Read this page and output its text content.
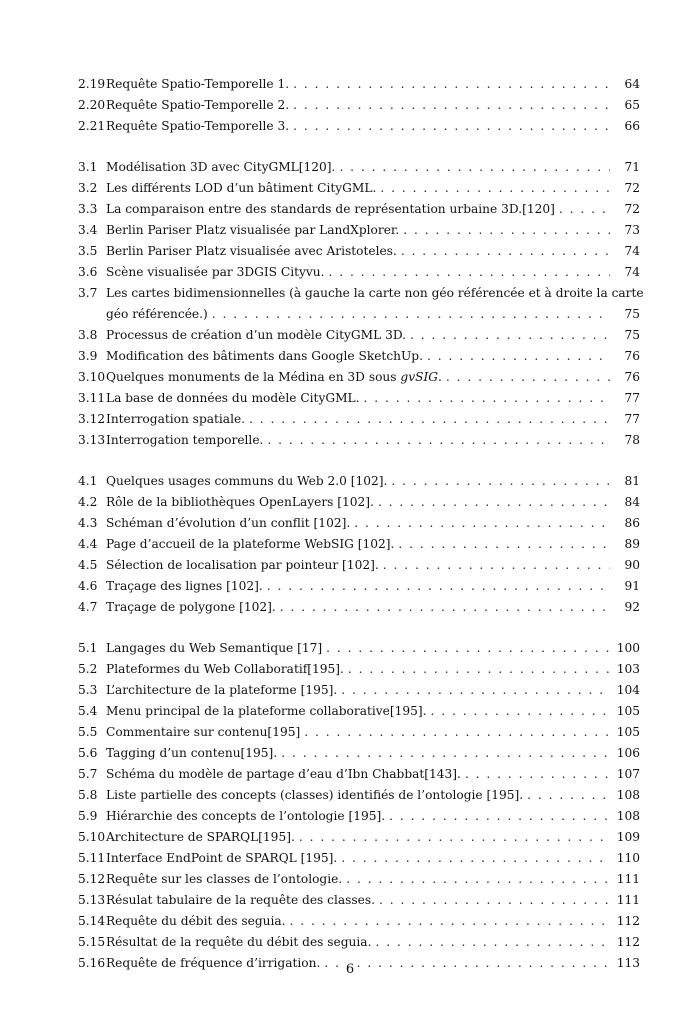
2.19 Requête Spatio-Temporelle 1. . . .	64
2.20 Requête Spatio-Temporelle 2. . . .	65
2.21 Requête Spatio-Temporelle 3. . . .	66
3.1 Modélisation 3D avec CityGML[120]. . . .	71
3.2 Les différents LOD d’un bâtiment CityGML. . . .	72
3.3 La comparaison entre des standards de représentation urbaine 3D.[120] . . .	72
3.4 Berlin Pariser Platz visualisée par LandXplorer. . . .	73
3.5 Berlin Pariser Platz visualisée avec Aristoteles. . . .	74
3.6 Scène visualisée par 3DGIS Cityvu. . . .	74
3.7 Les cartes bidimensionnelles (à gauche la carte non géo référencée et à droite la carte
géo référencée.) . . .	75
3.8 Processus de création d’un modèle CityGML 3D. . . .	75
3.9 Modification des bâtiments dans Google SketchUp. . . .	76
3.10 Quelques monuments de la Médina en 3D sous gvSIG. . . .	76
3.11 La base de données du modèle CityGML. . . .	77
3.12 Interrogation spatiale. . . .	77
3.13 Interrogation temporelle. . . .	78
4.1 Quelques usages communs du Web 2.0 [102]. . . .	81
4.2 Rôle de la bibliothèques OpenLayers [102]. . . .	84
4.3 Schéman d’évolution d’un conflit [102]. . . .	86
4.4 Page d’accueil de la plateforme WebSIG [102]. . . .	89
4.5 Sélection de localisation par pointeur [102]. . . .	90
4.6 Traçage des lignes [102]. . . .	91
4.7 Traçage de polygone [102]. . . .	92
5.1 Langages du Web Semantique [17] . . .	100
5.2 Plateformes du Web Collaboratif[195]. . . .	103
5.3 L’architecture de la plateforme [195]. . . .	104
5.4 Menu principal de la plateforme collaborative[195]. . . .	105
5.5 Commentaire sur contenu[195] . . .	105
5.6 Tagging d’un contenu[195]. . . .	106
5.7 Schéma du modèle de partage d’eau d’Ibn Chabbat[143]. . . .	107
5.8 Liste partielle des concepts (classes) identifiés de l’ontologie [195]. . . .	108
5.9 Hiérarchie des concepts de l’ontologie [195]. . . .	108
5.10 Architecture de SPARQL[195]. . . .	109
5.11 Interface EndPoint de SPARQL [195]. . . .	110
5.12 Requête sur les classes de l’ontologie. . . .	111
5.13 Résulat tabulaire de la requête des classes. . . .	111
5.14 Requête du débit des seguia. . . .	112
5.15 Résultat de la requête du débit des seguia. . . .	112
5.16 Requête de fréquence d’irrigation. . . .	113
6
